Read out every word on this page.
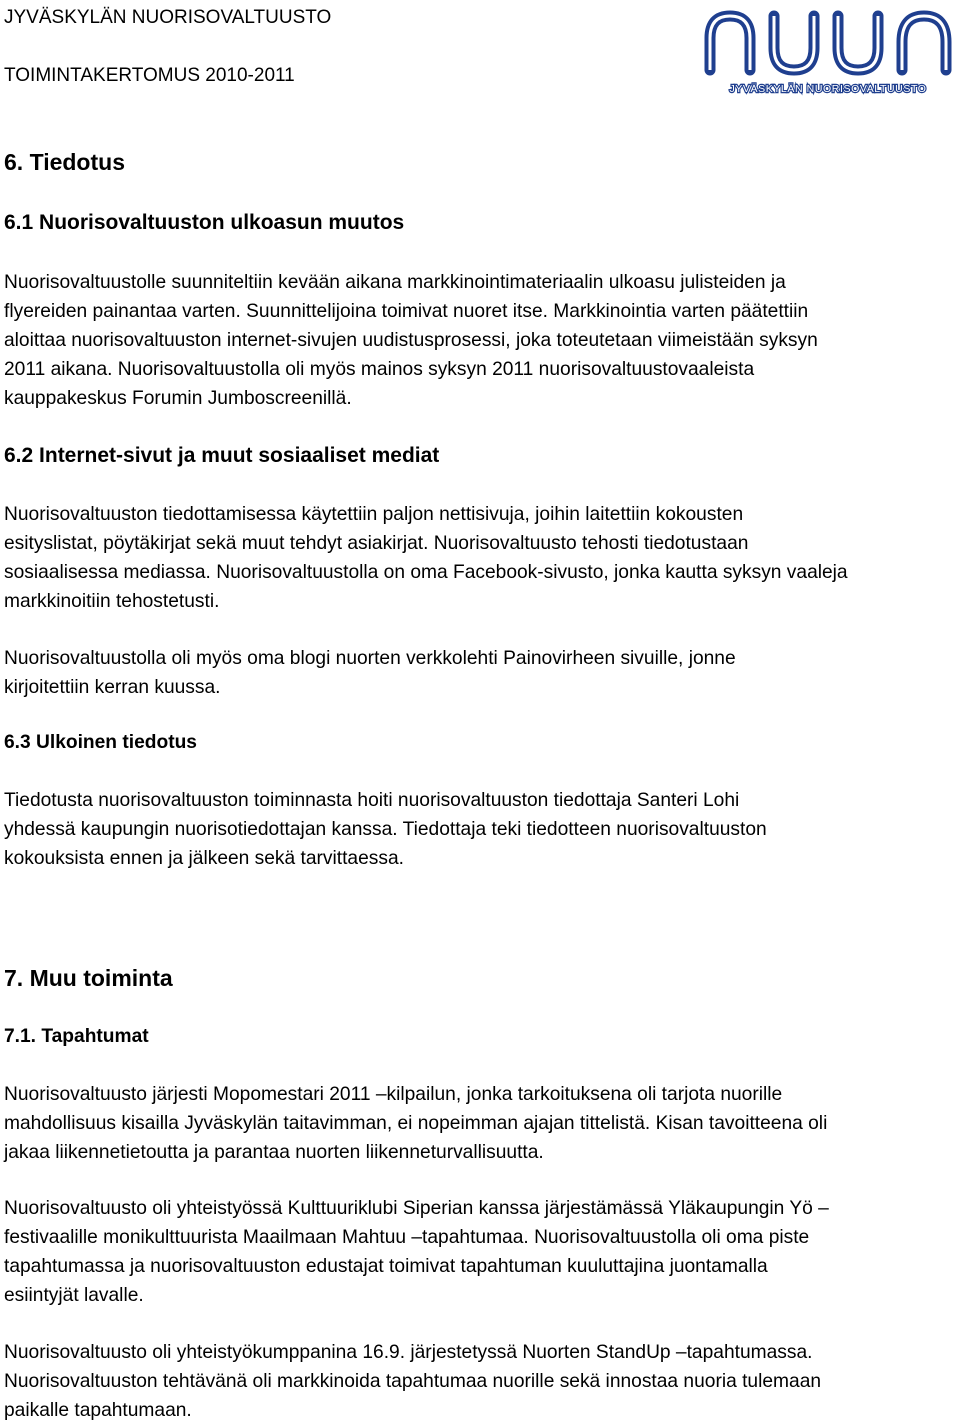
JYVÄSKYLÄN NUORISOVALTUUSTO
TOIMINTAKERTOMUS 2010-2011
JYVÄSKYLÄN NUORISOVALTUUSTO
6. Tiedotus
6.1 Nuorisovaltuuston ulkoasun muutos
Nuorisovaltuustolle suunniteltiin kevään aikana markkinointimateriaalin ulkoasu julisteiden ja
flyereiden painantaa varten. Suunnittelijoina toimivat nuoret itse. Markkinointia varten päätettiin
aloittaa nuorisovaltuuston internet-sivujen uudistusprosessi, joka toteutetaan viimeistään syksyn
2011 aikana. Nuorisovaltuustolla oli myös mainos syksyn 2011 nuorisovaltuustovaaleista
kauppakeskus Forumin Jumboscreenillä.
6.2 Internet-sivut ja muut sosiaaliset mediat
Nuorisovaltuuston tiedottamisessa käytettiin paljon nettisivuja, joihin laitettiin kokousten
esityslistat, pöytäkirjat sekä muut tehdyt asiakirjat. Nuorisovaltuusto tehosti tiedotustaan
sosiaalisessa mediassa. Nuorisovaltuustolla on oma Facebook-sivusto, jonka kautta syksyn vaaleja
markkinoitiin tehostetusti.
Nuorisovaltuustolla oli myös oma blogi nuorten verkkolehti Painovirheen sivuille, jonne
kirjoitettiin kerran kuussa.
6.3 Ulkoinen tiedotus
Tiedotusta nuorisovaltuuston toiminnasta hoiti nuorisovaltuuston tiedottaja Santeri Lohi
yhdessä kaupungin nuorisotiedottajan kanssa. Tiedottaja teki tiedotteen nuorisovaltuuston
kokouksista ennen ja jälkeen sekä tarvittaessa.
7. Muu toiminta
7.1. Tapahtumat
Nuorisovaltuusto järjesti Mopomestari 2011 –kilpailun, jonka tarkoituksena oli tarjota nuorille
mahdollisuus kisailla Jyväskylän taitavimman, ei nopeimman ajajan tittelistä. Kisan tavoitteena oli
jakaa liikennetietoutta ja parantaa nuorten liikenneturvallisuutta.
Nuorisovaltuusto oli yhteistyössä Kulttuuriklubi Siperian kanssa järjestämässä Yläkaupungin Yö –
festivaalille monikulttuurista Maailmaan Mahtuu –tapahtumaa. Nuorisovaltuustolla oli oma piste
tapahtumassa ja nuorisovaltuuston edustajat toimivat tapahtuman kuuluttajina juontamalla
esiintyjät lavalle.
Nuorisovaltuusto oli yhteistyökumppanina 16.9. järjestetyssä Nuorten StandUp –tapahtumassa.
Nuorisovaltuuston tehtävänä oli markkinoida tapahtumaa nuorille sekä innostaa nuoria tulemaan
paikalle tapahtumaan.
